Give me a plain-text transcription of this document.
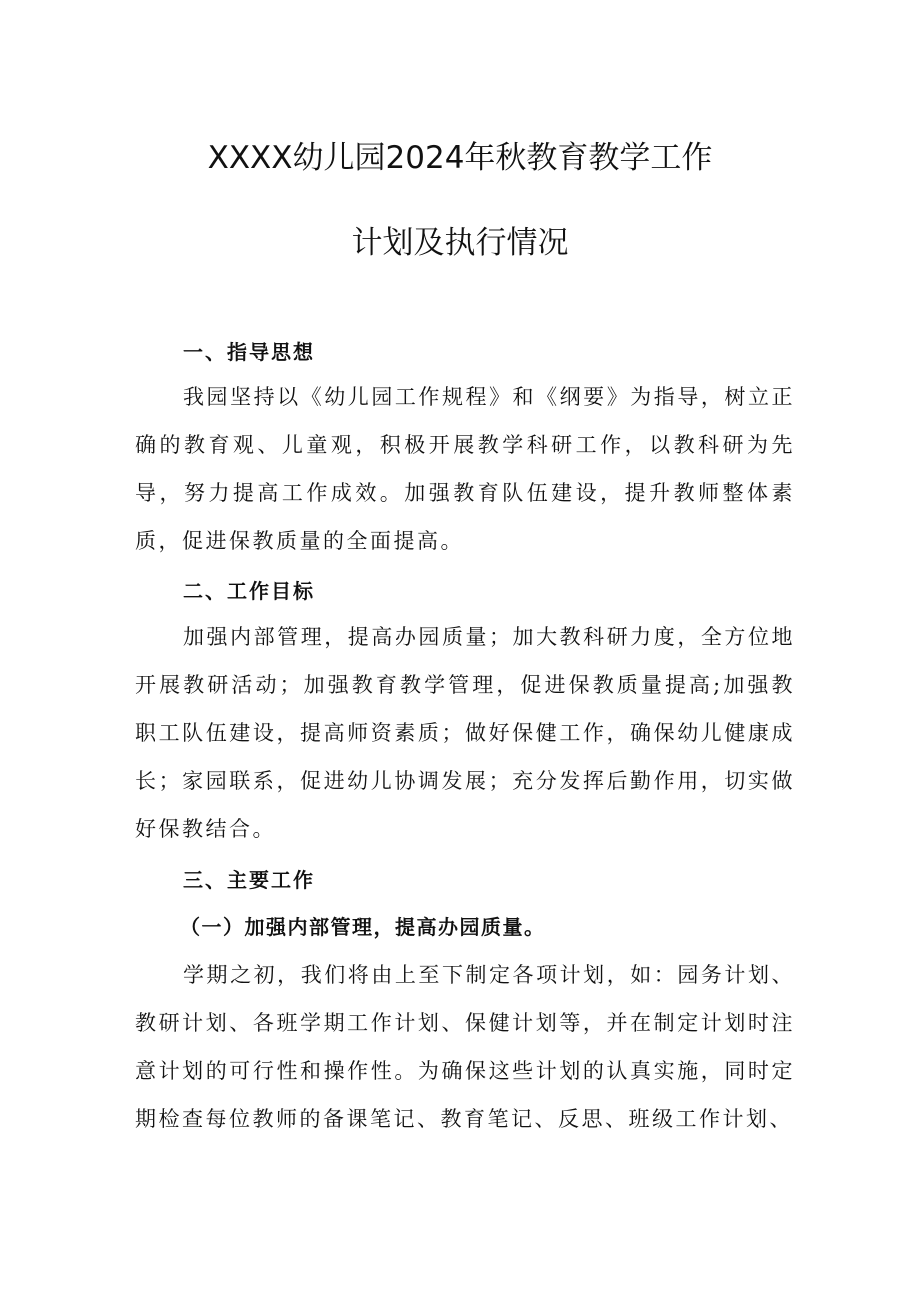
XXXX幼儿园2024年秋教育教学工作
计划及执行情况
一、指导思想

我园坚持以《幼儿园工作规程》和《纲要》为指导，树立正确的教育观、儿童观，积极开展教学科研工作，以教科研为先导，努力提高工作成效。加强教育队伍建设，提升教师整体素质，促进保教质量的全面提高。

二、工作目标

加强内部管理，提高办园质量；加大教科研力度，全方位地开展教研活动；加强教育教学管理，促进保教质量提高;加强教职工队伍建设，提高师资素质；做好保健工作，确保幼儿健康成长；家园联系，促进幼儿协调发展；充分发挥后勤作用，切实做好保教结合。

三、主要工作
（一）加强内部管理，提高办园质量。

学期之初，我们将由上至下制定各项计划，如：园务计划、教研计划、各班学期工作计划、保健计划等，并在制定计划时注意计划的可行性和操作性。为确保这些计划的认真实施，同时定期检查每位教师的备课笔记、教育笔记、反思、班级工作计划、
